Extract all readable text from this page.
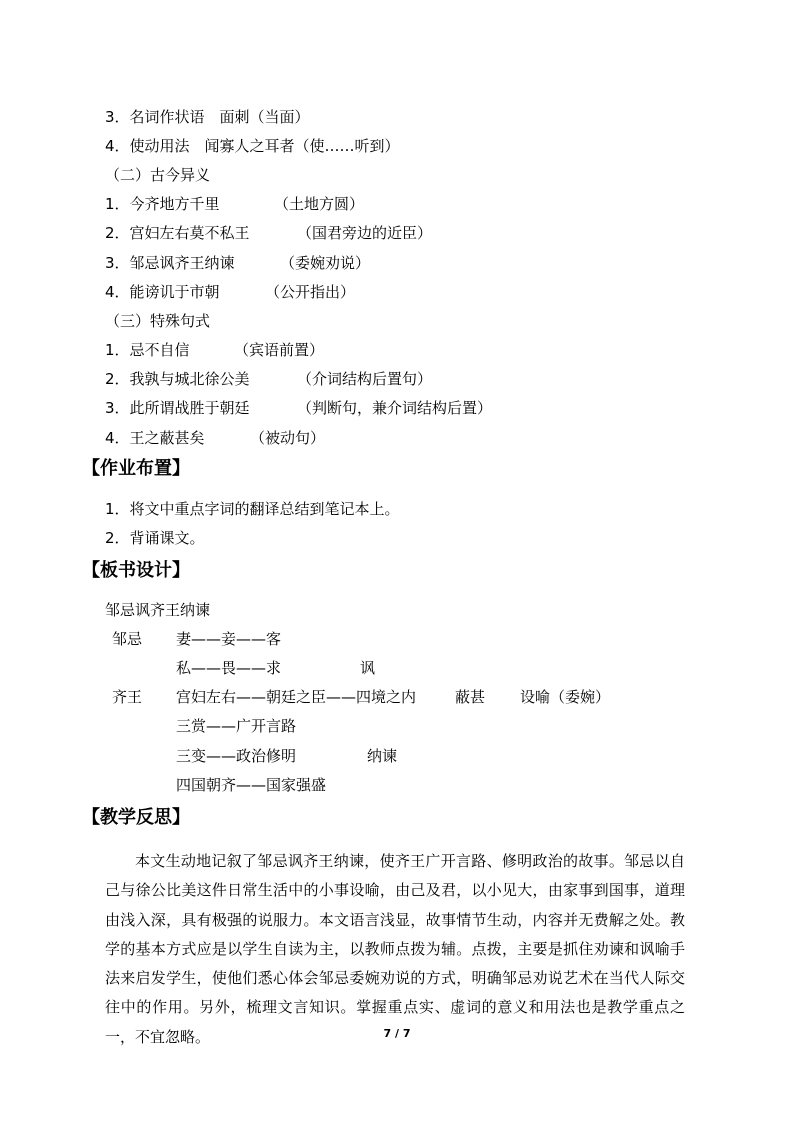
3．名词作状语　面刺（当面）
4．使动用法　闻寡人之耳者（使……听到）
（二）古今异义
1．今齐地方千里	（土地方圆）
2．宫妇左右莫不私王	（国君旁边的近臣）
3．邹忌讽齐王纳谏	（委婉劝说）
4．能谤讥于市朝	（公开指出）
（三）特殊句式
1．忌不自信	（宾语前置）
2．我孰与城北徐公美	（介词结构后置句）
3．此所谓战胜于朝廷	（判断句，兼介词结构后置）
4．王之蔽甚矣	（被动句）
【作业布置】
1．将文中重点字词的翻译总结到笔记本上。
2．背诵课文。
【板书设计】
邹忌讽齐王纳谏
邹忌 妻——妾——客
私——畏——求	讽
齐王 宫妇左右——朝廷之臣——四境之内	蔽甚 设喻（委婉）
三赏——广开言路
三变——政治修明	纳谏
四国朝齐——国家强盛
【教学反思】
本文生动地记叙了邹忌讽齐王纳谏，使齐王广开言路、修明政治的故事。邹忌以自己与徐公比美这件日常生活中的小事设喻，由己及君，以小见大，由家事到国事，道理由浅入深，具有极强的说服力。本文语言浅显，故事情节生动，内容并无费解之处。教学的基本方式应是以学生自读为主，以教师点拨为辅。点拨，主要是抓住劝谏和讽喻手法来启发学生，使他们悉心体会邹忌委婉劝说的方式，明确邹忌劝说艺术在当代人际交往中的作用。另外，梳理文言知识。掌握重点实、虚词的意义和用法也是教学重点之一，不宜忽略。	7 / 7
